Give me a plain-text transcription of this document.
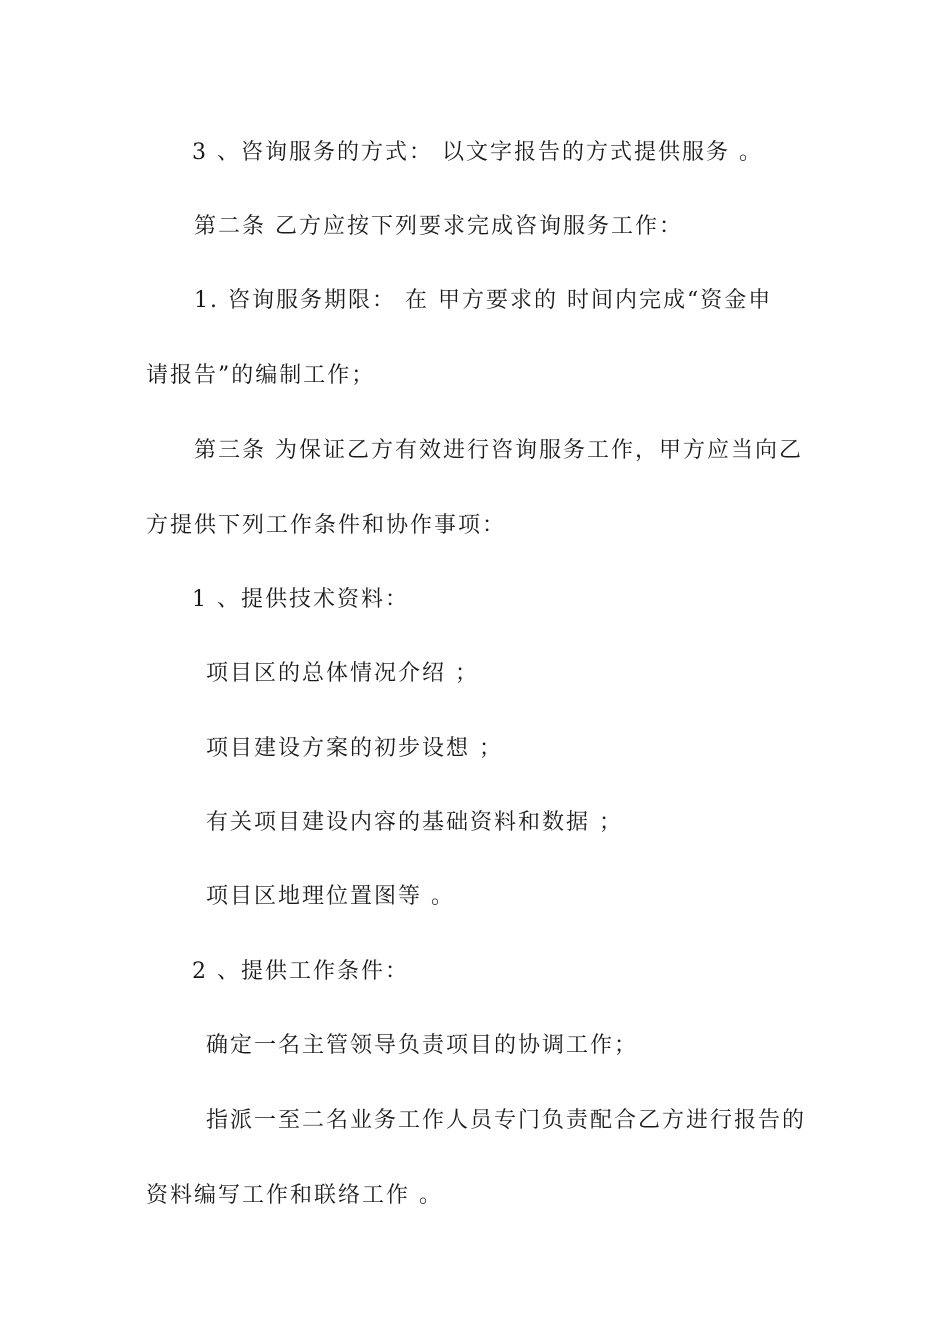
3 、咨询服务的方式： 以文字报告的方式提供服务 。
第二条 乙方应按下列要求完成咨询服务工作：
1. 咨询服务期限： 在 甲方要求的 时间内完成“资金申
请报告”的编制工作；
第三条 为保证乙方有效进行咨询服务工作，甲方应当向乙
方提供下列工作条件和协作事项：
1 、提供技术资料：
项目区的总体情况介绍 ；
项目建设方案的初步设想 ；
有关项目建设内容的基础资料和数据 ；
项目区地理位置图等 。
2 、提供工作条件：
确定一名主管领导负责项目的协调工作；
指派一至二名业务工作人员专门负责配合乙方进行报告的
资料编写工作和联络工作 。
